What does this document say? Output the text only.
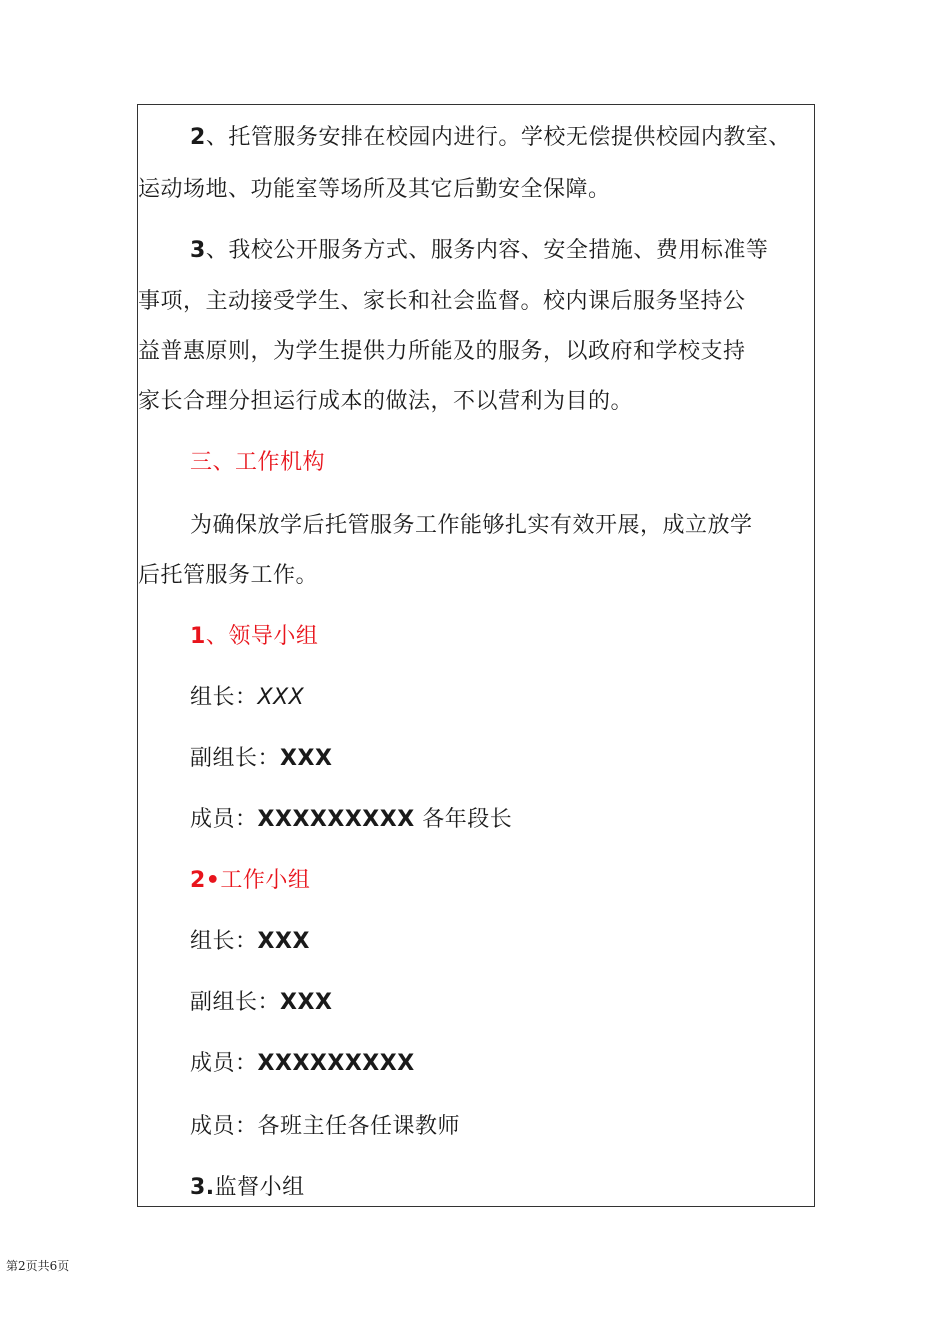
2、托管服务安排在校园内进行。学校无偿提供校园内教室、
运动场地、功能室等场所及其它后勤安全保障。
3、我校公开服务方式、服务内容、安全措施、费用标准等
事项，主动接受学生、家长和社会监督。校内课后服务坚持公
益普惠原则，为学生提供力所能及的服务，以政府和学校支持
家长合理分担运行成本的做法，不以营利为目的。
三、工作机构
为确保放学后托管服务工作能够扎实有效开展，成立放学
后托管服务工作。
1、领导小组
组长：XXX
副组长：XXX
成员：XXXXXXXXX 各年段长
2•工作小组
组长：XXX
副组长：XXX
成员：XXXXXXXXX
成员：各班主任各任课教师
3.监督小组
第2页共6页
